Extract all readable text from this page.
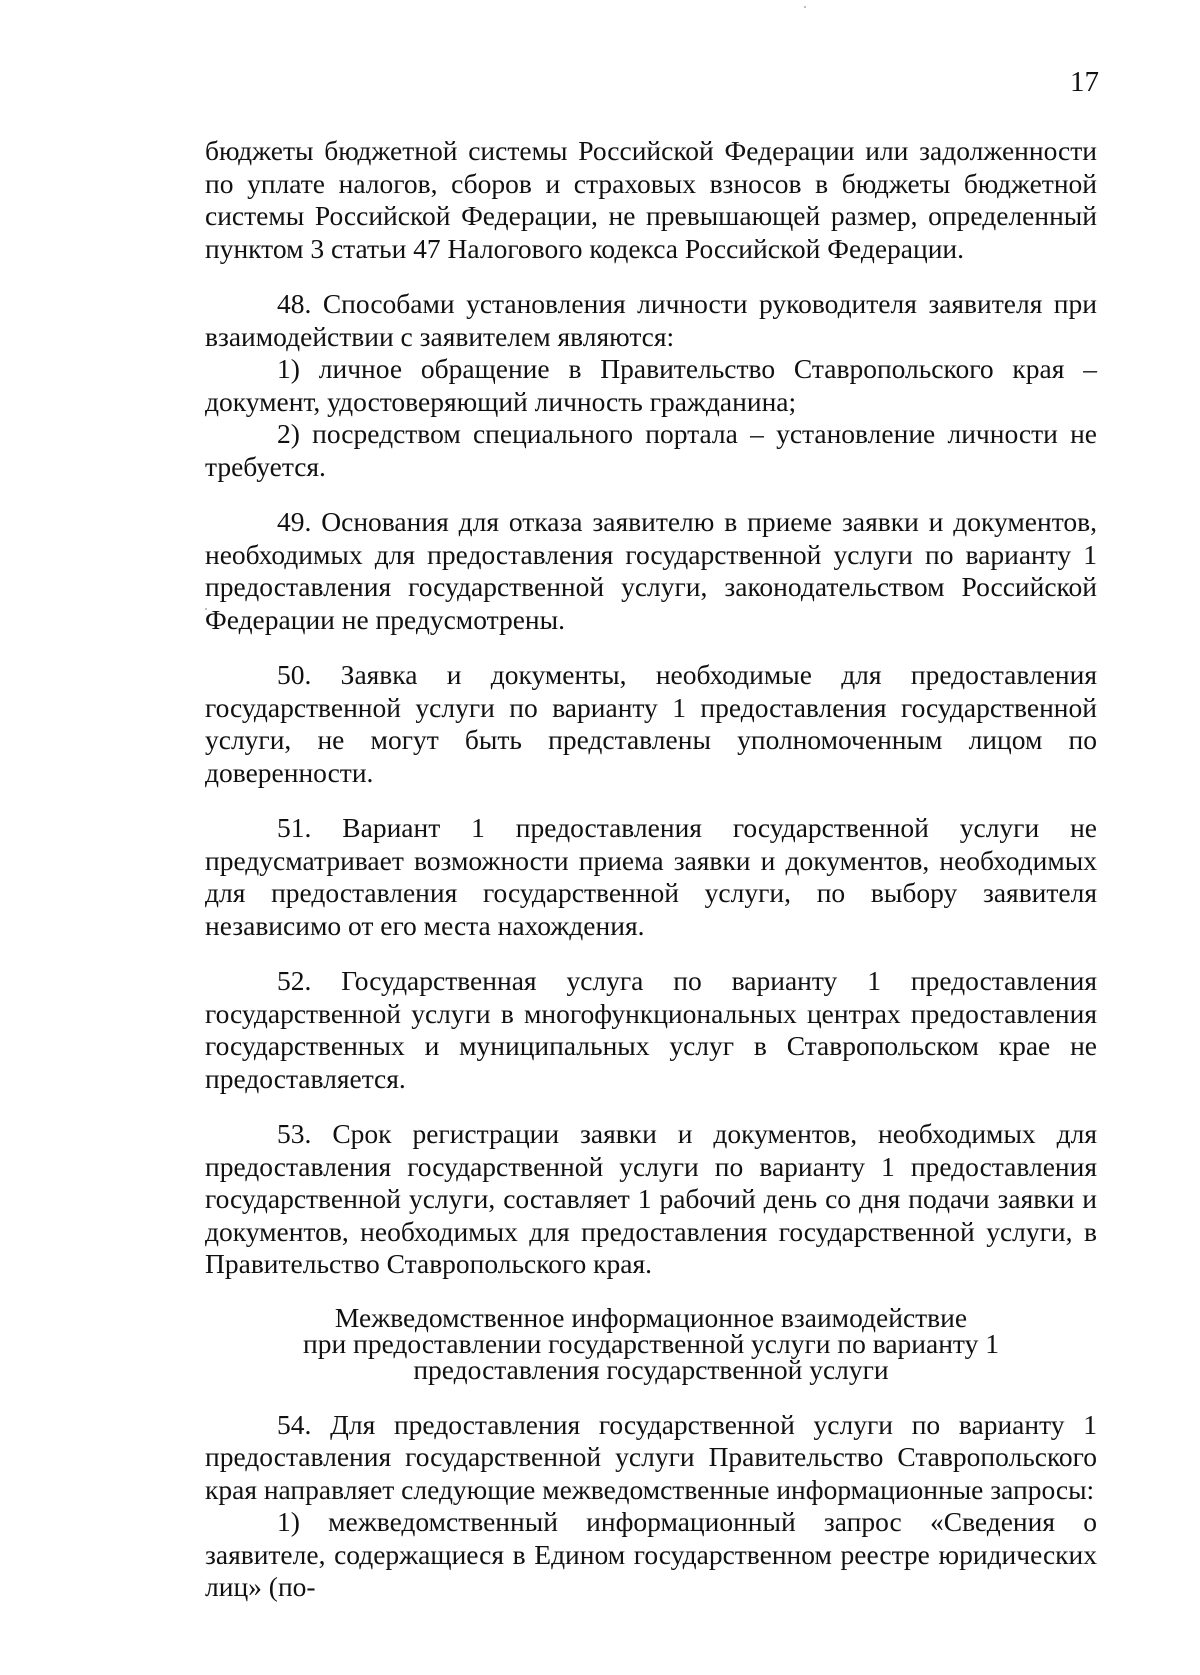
17

бюджеты бюджетной системы Российской Федерации или задолженности по уплате налогов, сборов и страховых взносов в бюджеты бюджетной системы Российской Федерации, не превышающей размер, определенный пунктом 3 статьи 47 Налогового кодекса Российской Федерации.

48. Способами установления личности руководителя заявителя при взаимодействии с заявителем являются:

1) личное обращение в Правительство Ставропольского края – документ, удостоверяющий личность гражданина;

2) посредством специального портала – установление личности не требуется.

49. Основания для отказа заявителю в приеме заявки и документов, необходимых для предоставления государственной услуги по варианту 1 предоставления государственной услуги, законодательством Российской Федерации не предусмотрены.

50. Заявка и документы, необходимые для предоставления государственной услуги по варианту 1 предоставления государственной услуги, не могут быть представлены уполномоченным лицом по доверенности.

51. Вариант 1 предоставления государственной услуги не предусматривает возможности приема заявки и документов, необходимых для предоставления государственной услуги, по выбору заявителя независимо от его места нахождения.

52. Государственная услуга по варианту 1 предоставления государственной услуги в многофункциональных центрах предоставления государственных и муниципальных услуг в Ставропольском крае не предоставляется.

53. Срок регистрации заявки и документов, необходимых для предоставления государственной услуги по варианту 1 предоставления государственной услуги, составляет 1 рабочий день со дня подачи заявки и документов, необходимых для предоставления государственной услуги, в Правительство Ставропольского края.

Межведомственное информационное взаимодействие
при предоставлении государственной услуги по варианту 1
предоставления государственной услуги

54. Для предоставления государственной услуги по варианту 1 предоставления государственной услуги Правительство Ставропольского края направляет следующие межведомственные информационные запросы:

1) межведомственный информационный запрос «Сведения о заявителе, содержащиеся в Едином государственном реестре юридических лиц» (по-
